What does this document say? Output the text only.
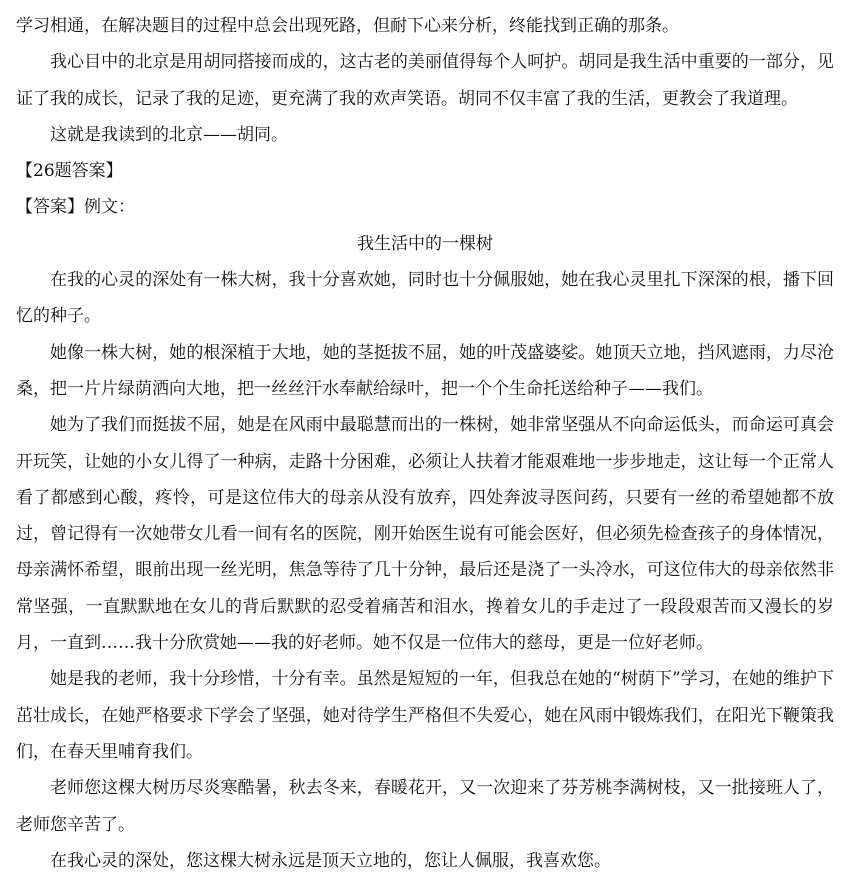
学习相通，在解决题目的过程中总会出现死路，但耐下心来分析，终能找到正确的那条。

我心目中的北京是用胡同搭接而成的，这古老的美丽值得每个人呵护。胡同是我生活中重要的一部分，见证了我的成长，记录了我的足迹，更充满了我的欢声笑语。胡同不仅丰富了我的生活，更教会了我道理。

这就是我读到的北京——胡同。

【26题答案】

【答案】例文：

我生活中的一棵树

在我的心灵的深处有一株大树，我十分喜欢她，同时也十分佩服她，她在我心灵里扎下深深的根，播下回忆的种子。

她像一株大树，她的根深植于大地，她的茎挺拔不屈，她的叶茂盛婆娑。她顶天立地，挡风遮雨，力尽沧桑，把一片片绿荫洒向大地，把一丝丝汗水奉献给绿叶，把一个个生命托送给种子——我们。

她为了我们而挺拔不屈，她是在风雨中最聪慧而出的一株树，她非常坚强从不向命运低头，而命运可真会开玩笑，让她的小女儿得了一种病，走路十分困难，必须让人扶着才能艰难地一步步地走，这让每一个正常人看了都感到心酸，疼怜，可是这位伟大的母亲从没有放弃，四处奔波寻医问药，只要有一丝的希望她都不放过，曾记得有一次她带女儿看一间有名的医院，刚开始医生说有可能会医好，但必须先检查孩子的身体情况，母亲满怀希望，眼前出现一丝光明，焦急等待了几十分钟，最后还是浇了一头冷水，可这位伟大的母亲依然非常坚强，一直默默地在女儿的背后默默的忍受着痛苦和泪水，搀着女儿的手走过了一段段艰苦而又漫长的岁月，一直到……我十分欣赏她——我的好老师。她不仅是一位伟大的慈母，更是一位好老师。

她是我的老师，我十分珍惜，十分有幸。虽然是短短的一年，但我总在她的“树荫下”学习，在她的维护下茁壮成长，在她严格要求下学会了坚强，她对待学生严格但不失爱心，她在风雨中锻炼我们，在阳光下鞭策我们，在春天里哺育我们。

老师您这棵大树历尽炎寒酷暑，秋去冬来，春暖花开，又一次迎来了芬芳桃李满树枝，又一批接班人了，老师您辛苦了。

在我心灵的深处，您这棵大树永远是顶天立地的，您让人佩服，我喜欢您。
